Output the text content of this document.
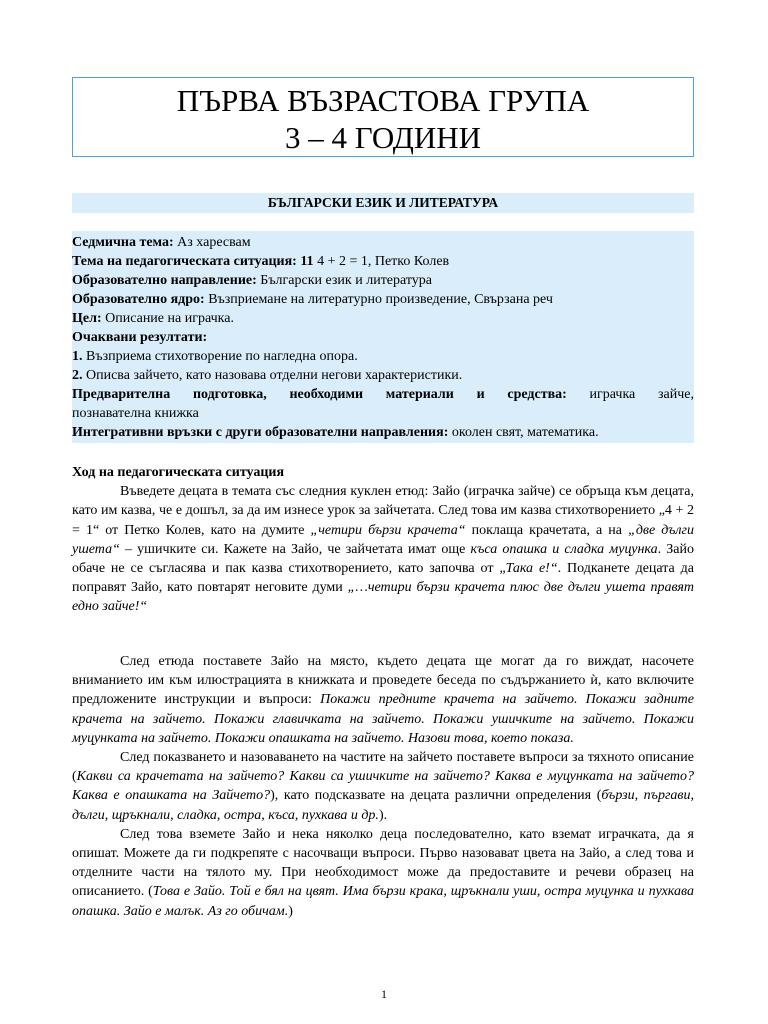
ПЪРВА ВЪЗРАСТОВА ГРУПА
3 – 4 ГОДИНИ
БЪЛГАРСКИ ЕЗИК И ЛИТЕРАТУРА

Седмична тема: Аз харесвам

Тема на педагогическата ситуация: 11 4 + 2 = 1, Петко Колев

Образователно направление: Български език и литература

Образователно ядро: Възприемане на литературно произведение, Свързана реч

Цел: Описание на играчка.

Очаквани резултати:

1. Възприема стихотворение по нагледна опора.

2. Описва зайчето, като назовава отделни негови характеристики.

Предварителна подготовка, необходими материали и средства: играчка зайче,

познавателна книжка

Интегративни връзки с други образователни направления: околен свят, математика.

Ход на педагогическата ситуация

Въведете децата в темата със следния куклен етюд: Зайо (играчка зайче) се обръща към децата, като им казва, че е дошъл, за да им изнесе урок за зайчетата. След това им казва стихотворението „4 + 2 = 1“ от Петко Колев, като на думите „четири бързи крачета“ поклаща крачетата, а на „две дълги ушета“ – ушичките си. Кажете на Зайо, че зайчетата имат още къса опашка и сладка муцунка. Зайо обаче не се съгласява и пак казва стихотворението, като започва от „Така е!“. Подканете децата да поправят Зайо, като повтарят неговите думи „…четири бързи крачета плюс две дълги ушета правят едно зайче!“

След етюда поставете Зайо на място, където децата ще могат да го виждат, насочете вниманието им към илюстрацията в книжката и проведете беседа по съдържанието ѝ, като включите предложените инструкции и въпроси: Покажи предните крачета на зайчето. Покажи задните крачета на зайчето. Покажи главичката на зайчето. Покажи ушичките на зайчето. Покажи муцунката на зайчето. Покажи опашката на зайчето. Назови това, което показа.

След показването и назоваването на частите на зайчето поставете въпроси за тяхното описание (Какви са крачетата на зайчето? Какви са ушичките на зайчето? Каква е муцунката на зайчето? Каква е опашката на Зайчето?), като подсказвате на децата различни определения (бързи, пъргави, дълги, щръкнали, сладка, остра, къса, пухкава и др.).

След това вземете Зайо и нека няколко деца последователно, като вземат играчката, да я опишат. Можете да ги подкрепяте с насочващи въпроси. Първо назовават цвета на Зайо, а след това и отделните части на тялото му. При необходимост може да предоставите и речеви образец на описанието. (Това е Зайо. Той е бял на цвят. Има бързи крака, щръкнали уши, остра муцунка и пухкава опашка. Зайо е малък. Аз го обичам.)

1
